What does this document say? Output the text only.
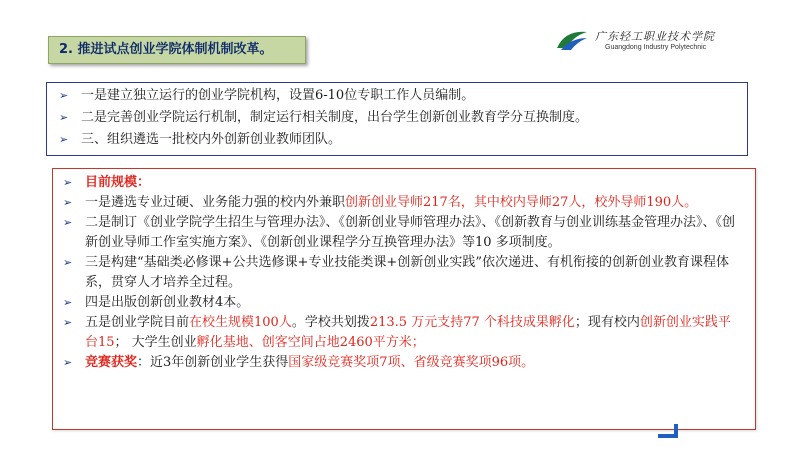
2. 推进试点创业学院体制机制改革。
广东轻工职业技术学院
Guangdong Industry Polytechnic
➢ 一是建立独立运行的创业学院机构，设置6-10位专职工作人员编制。
➢ 二是完善创业学院运行机制，制定运行相关制度，出台学生创新创业教育学分互换制度。
➢ 三、组织遴选一批校内外创新创业教师团队。
➢ 目前规模：
➢ 一是遴选专业过硬、业务能力强的校内外兼职创新创业导师217名，其中校内导师27人，校外导师190人。
➢ 二是制订《创业学院学生招生与管理办法》、《创新创业导师管理办法》、《创新教育与创业训练基金管理办法》、《创新创业导师工作室实施方案》、《创新创业课程学分互换管理办法》等10 多项制度。
➢ 三是构建“基础类必修课+公共选修课+专业技能类课+创新创业实践”依次递进、有机衔接的创新创业教育课程体系，贯穿人才培养全过程。
➢ 四是出版创新创业教材4本。
➢ 五是创业学院目前在校生规模100人。学校共划拨213.5 万元支持77 个科技成果孵化；现有校内创新创业实践平台15； 大学生创业孵化基地、创客空间占地2460平方米；
➢ 竞赛获奖：近3年创新创业学生获得国家级竞赛奖项7项、省级竞赛奖项96项。
